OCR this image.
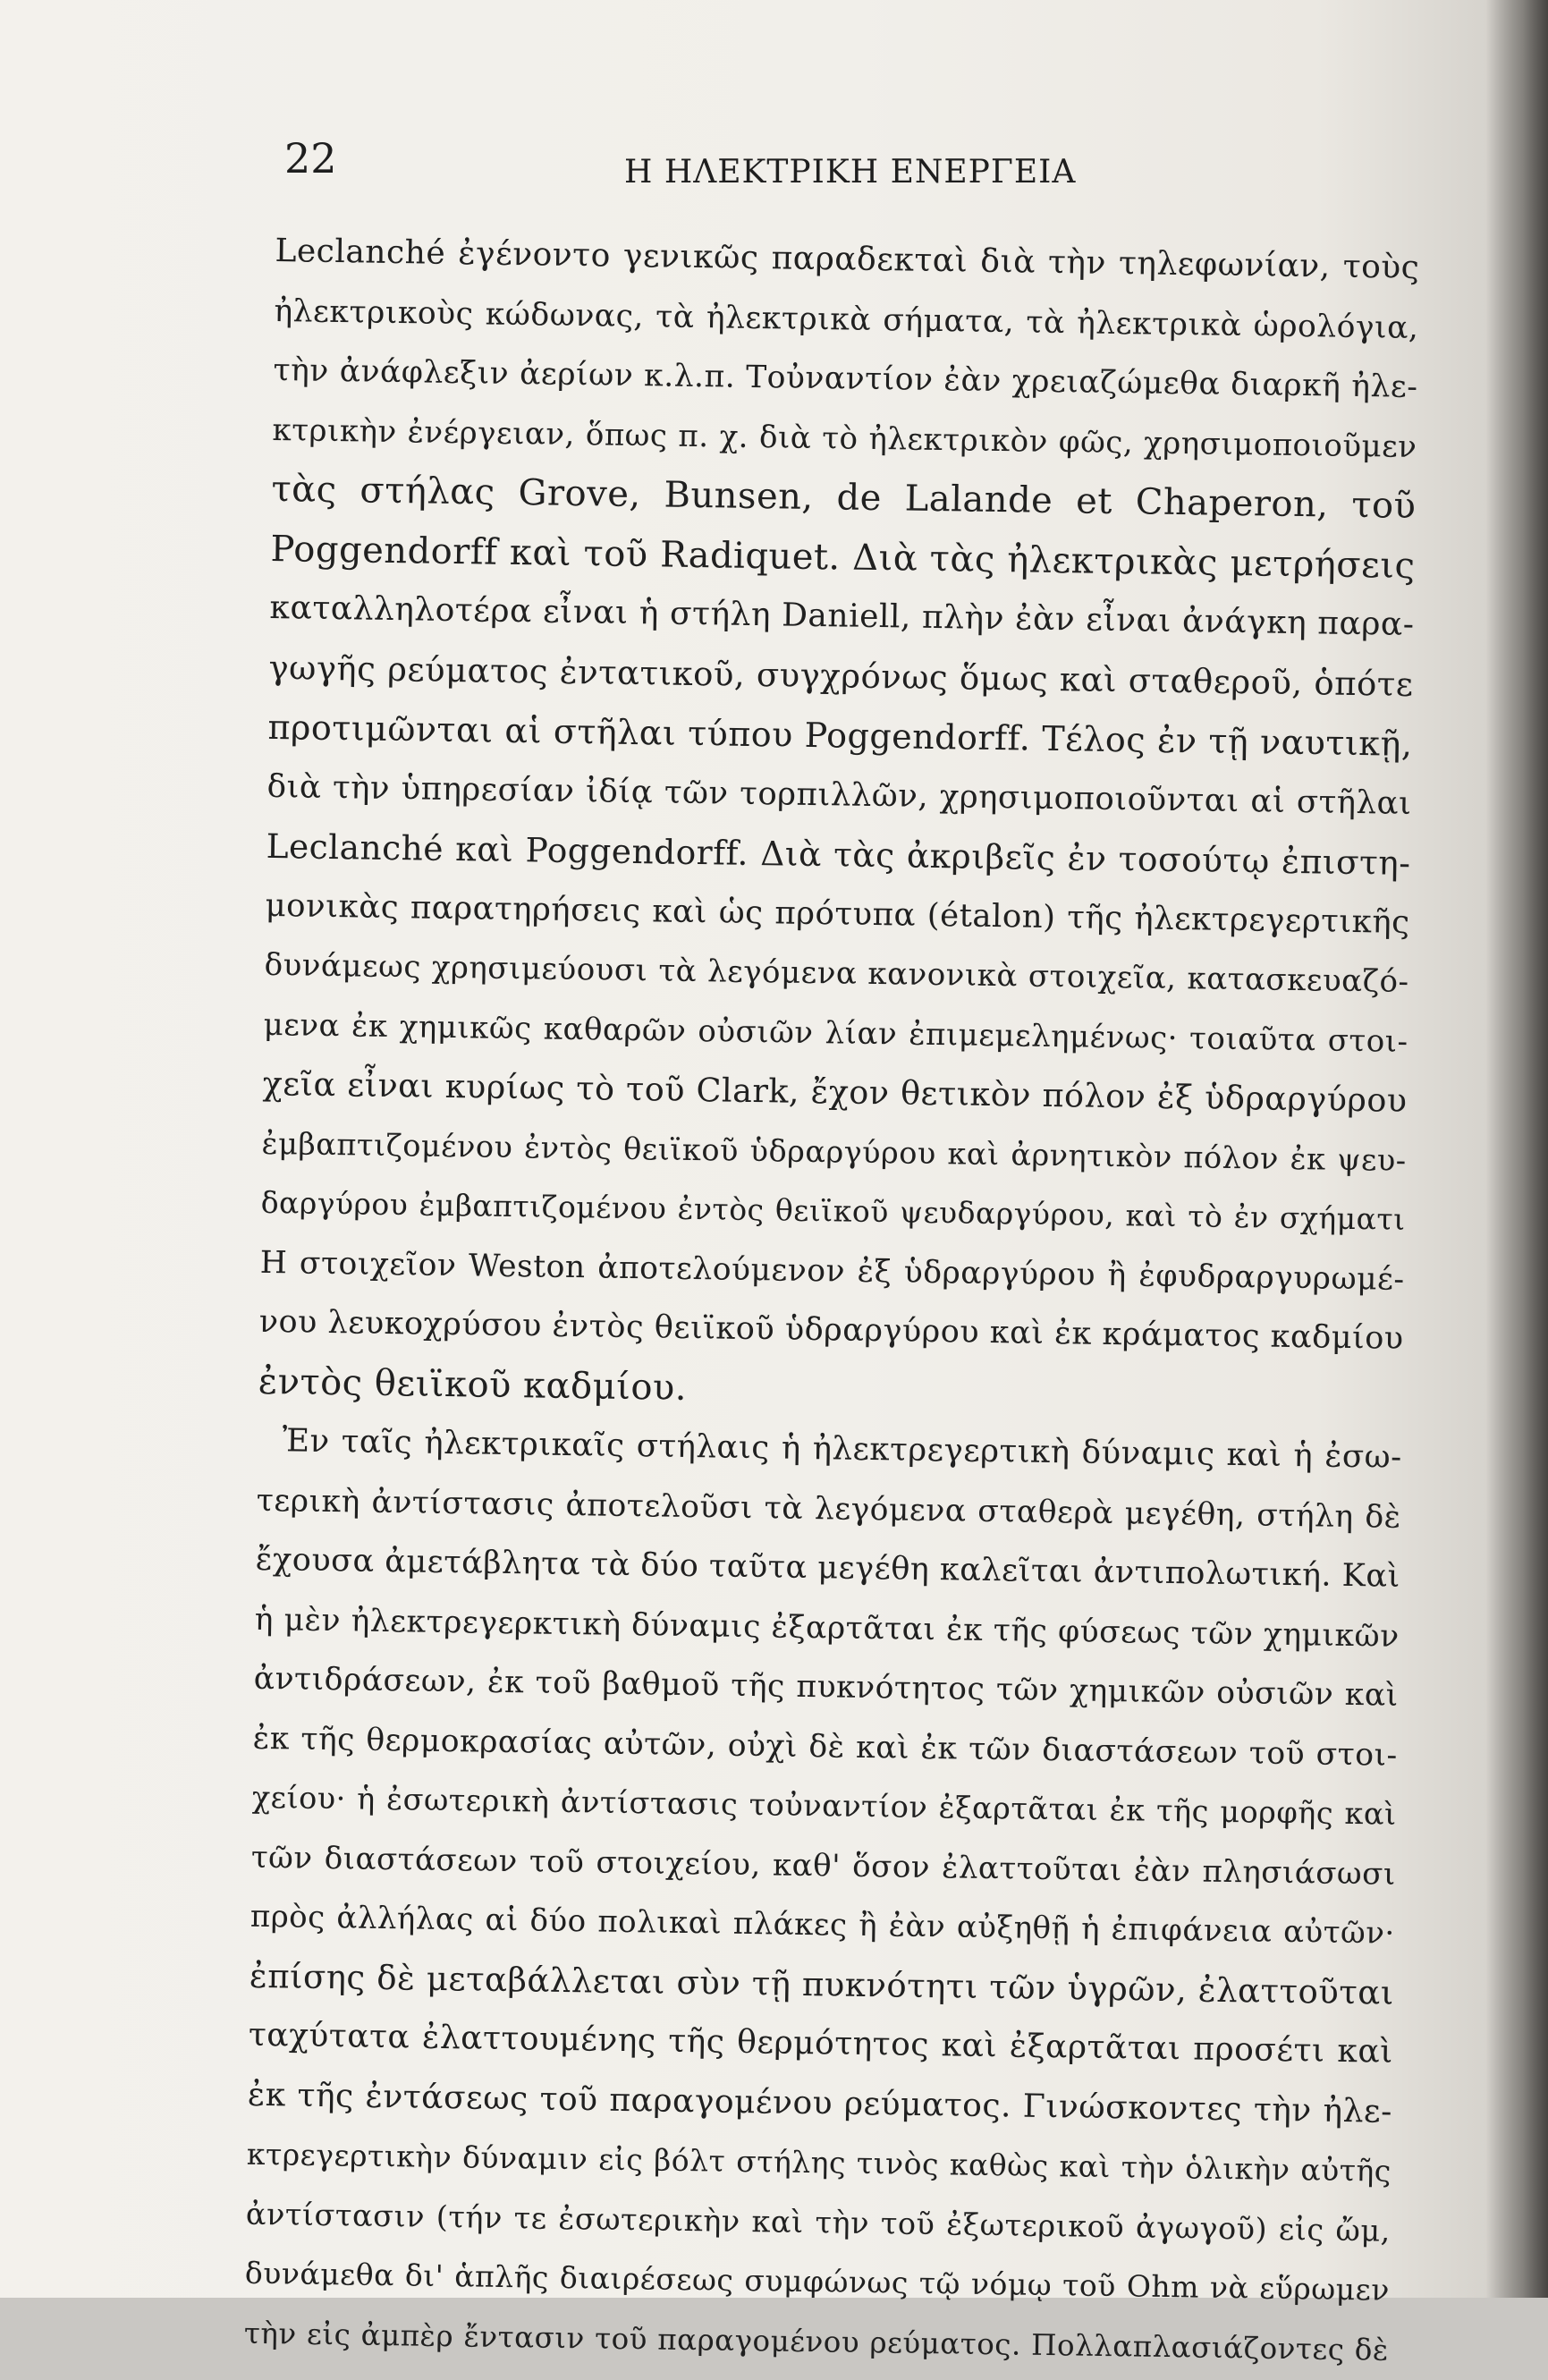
22	Η ΗΛΕΚΤΡΙΚΗ ΕΝΕΡΓΕΙΑ
Leclanché ἐγένοντο γενικῶς παραδεκταὶ διὰ τὴν τηλεφωνίαν, τοὺς
ἠλεκτρικοὺς κώδωνας, τὰ ἠλεκτρικὰ σήματα, τὰ ἠλεκτρικὰ ὡρολόγια,
τὴν ἀνάφλεξιν ἀερίων κ.λ.π. Τοὐναντίον ἐὰν χρειαζώμεθα διαρκῆ ἠλε-
κτρικὴν ἐνέργειαν, ὅπως π. χ. διὰ τὸ ἠλεκτρικὸν φῶς, χρησιμοποιοῦμεν
τὰς στήλας Grove, Bunsen, de Lalande et Chaperon, τοῦ
Poggendorff καὶ τοῦ Radiquet. Διὰ τὰς ἠλεκτρικὰς μετρήσεις
καταλληλοτέρα εἶναι ἡ στήλη Daniell, πλὴν ἐὰν εἶναι ἀνάγκη παρα-
γωγῆς ρεύματος ἐντατικοῦ, συγχρόνως ὅμως καὶ σταθεροῦ, ὁπότε
προτιμῶνται αἱ στῆλαι τύπου Poggendorff. Τέλος ἐν τῇ ναυτικῇ,
διὰ τὴν ὑπηρεσίαν ἰδίᾳ τῶν τορπιλλῶν, χρησιμοποιοῦνται αἱ στῆλαι
Leclanché καὶ Poggendorff. Διὰ τὰς ἀκριβεῖς ἐν τοσούτῳ ἐπιστη-
μονικὰς παρατηρήσεις καὶ ὡς πρότυπα (étalon) τῆς ἠλεκτρεγερτικῆς
δυνάμεως χρησιμεύουσι τὰ λεγόμενα κανονικὰ στοιχεῖα, κατασκευαζό-
μενα ἐκ χημικῶς καθαρῶν οὐσιῶν λίαν ἐπιμεμελημένως· τοιαῦτα στοι-
χεῖα εἶναι κυρίως τὸ τοῦ Clark, ἔχον θετικὸν πόλον ἐξ ὑδραργύρου
ἐμβαπτιζομένου ἐντὸς θειϊκοῦ ὑδραργύρου καὶ ἀρνητικὸν πόλον ἐκ ψευ-
δαργύρου ἐμβαπτιζομένου ἐντὸς θειϊκοῦ ψευδαργύρου, καὶ τὸ ἐν σχήματι
Η στοιχεῖον Weston ἀποτελούμενον ἐξ ὑδραργύρου ἢ ἐφυδραργυρωμέ-
νου λευκοχρύσου ἐντὸς θειϊκοῦ ὑδραργύρου καὶ ἐκ κράματος καδμίου
ἐντὸς θειϊκοῦ καδμίου.
Ἐν ταῖς ἠλεκτρικαῖς στήλαις ἡ ἠλεκτρεγερτικὴ δύναμις καὶ ἡ ἐσω-
τερικὴ ἀντίστασις ἀποτελοῦσι τὰ λεγόμενα σταθερὰ μεγέθη, στήλη δὲ
ἔχουσα ἀμετάβλητα τὰ δύο ταῦτα μεγέθη καλεῖται ἀντιπολωτική. Καὶ
ἡ μὲν ἠλεκτρεγερκτικὴ δύναμις ἐξαρτᾶται ἐκ τῆς φύσεως τῶν χημικῶν
ἀντιδράσεων, ἐκ τοῦ βαθμοῦ τῆς πυκνότητος τῶν χημικῶν οὐσιῶν καὶ
ἐκ τῆς θερμοκρασίας αὐτῶν, οὐχὶ δὲ καὶ ἐκ τῶν διαστάσεων τοῦ στοι-
χείου· ἡ ἐσωτερικὴ ἀντίστασις τοὐναντίον ἐξαρτᾶται ἐκ τῆς μορφῆς καὶ
τῶν διαστάσεων τοῦ στοιχείου, καθ' ὅσον ἐλαττοῦται ἐὰν πλησιάσωσι
πρὸς ἀλλήλας αἱ δύο πολικαὶ πλάκες ἢ ἐὰν αὐξηθῇ ἡ ἐπιφάνεια αὐτῶν·
ἐπίσης δὲ μεταβάλλεται σὺν τῇ πυκνότητι τῶν ὑγρῶν, ἐλαττοῦται
ταχύτατα ἐλαττουμένης τῆς θερμότητος καὶ ἐξαρτᾶται προσέτι καὶ
ἐκ τῆς ἐντάσεως τοῦ παραγομένου ρεύματος. Γινώσκοντες τὴν ἠλε-
κτρεγερτικὴν δύναμιν εἰς βόλτ στήλης τινὸς καθὼς καὶ τὴν ὁλικὴν αὐτῆς
ἀντίστασιν (τήν τε ἐσωτερικὴν καὶ τὴν τοῦ ἐξωτερικοῦ ἀγωγοῦ) εἰς ὤμ,
δυνάμεθα δι' ἁπλῆς διαιρέσεως συμφώνως τῷ νόμῳ τοῦ Ohm νὰ εὕρωμεν
τὴν εἰς ἀμπὲρ ἔντασιν τοῦ παραγομένου ρεύματος. Πολλαπλασιάζοντες δὲ
